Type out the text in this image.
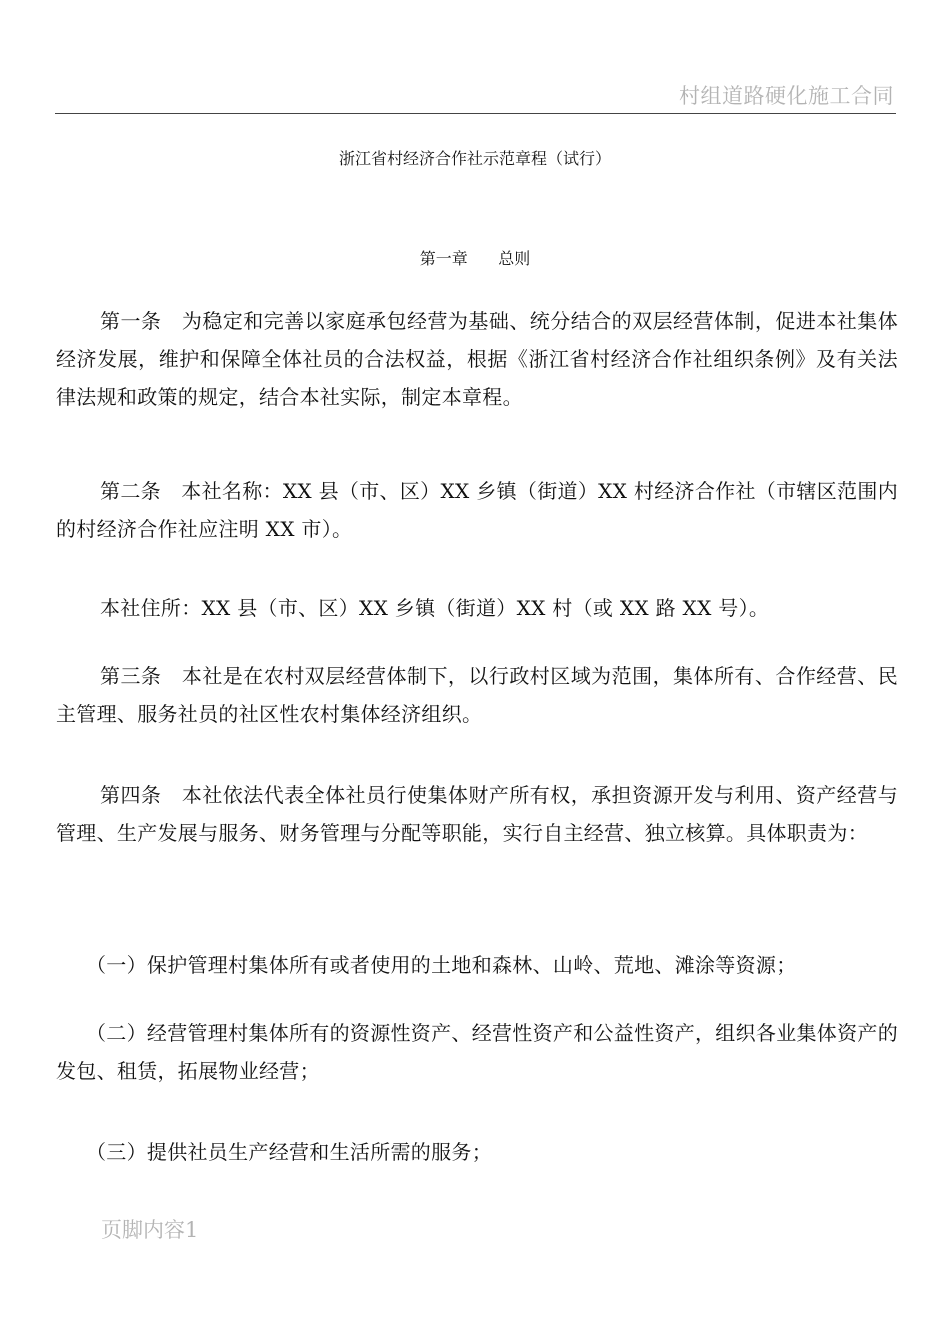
村组道路硬化施工合同
浙江省村经济合作社示范章程（试行）
第一章 总则

第一条　为稳定和完善以家庭承包经营为基础、统分结合的双层经营体制，促进本社集体经济发展，维护和保障全体社员的合法权益，根据《浙江省村经济合作社组织条例》及有关法律法规和政策的规定，结合本社实际，制定本章程。

第二条　本社名称：XX 县（市、区）XX 乡镇（街道）XX 村经济合作社（市辖区范围内的村经济合作社应注明 XX 市）。

本社住所：XX 县（市、区）XX 乡镇（街道）XX 村（或 XX 路 XX 号）。

第三条　本社是在农村双层经营体制下，以行政村区域为范围，集体所有、合作经营、民主管理、服务社员的社区性农村集体经济组织。

第四条　本社依法代表全体社员行使集体财产所有权，承担资源开发与利用、资产经营与管理、生产发展与服务、财务管理与分配等职能，实行自主经营、独立核算。具体职责为：

（一）保护管理村集体所有或者使用的土地和森林、山岭、荒地、滩涂等资源；

（二）经营管理村集体所有的资源性资产、经营性资产和公益性资产，组织各业集体资产的发包、租赁，拓展物业经营；

（三）提供社员生产经营和生活所需的服务；

页脚内容1
